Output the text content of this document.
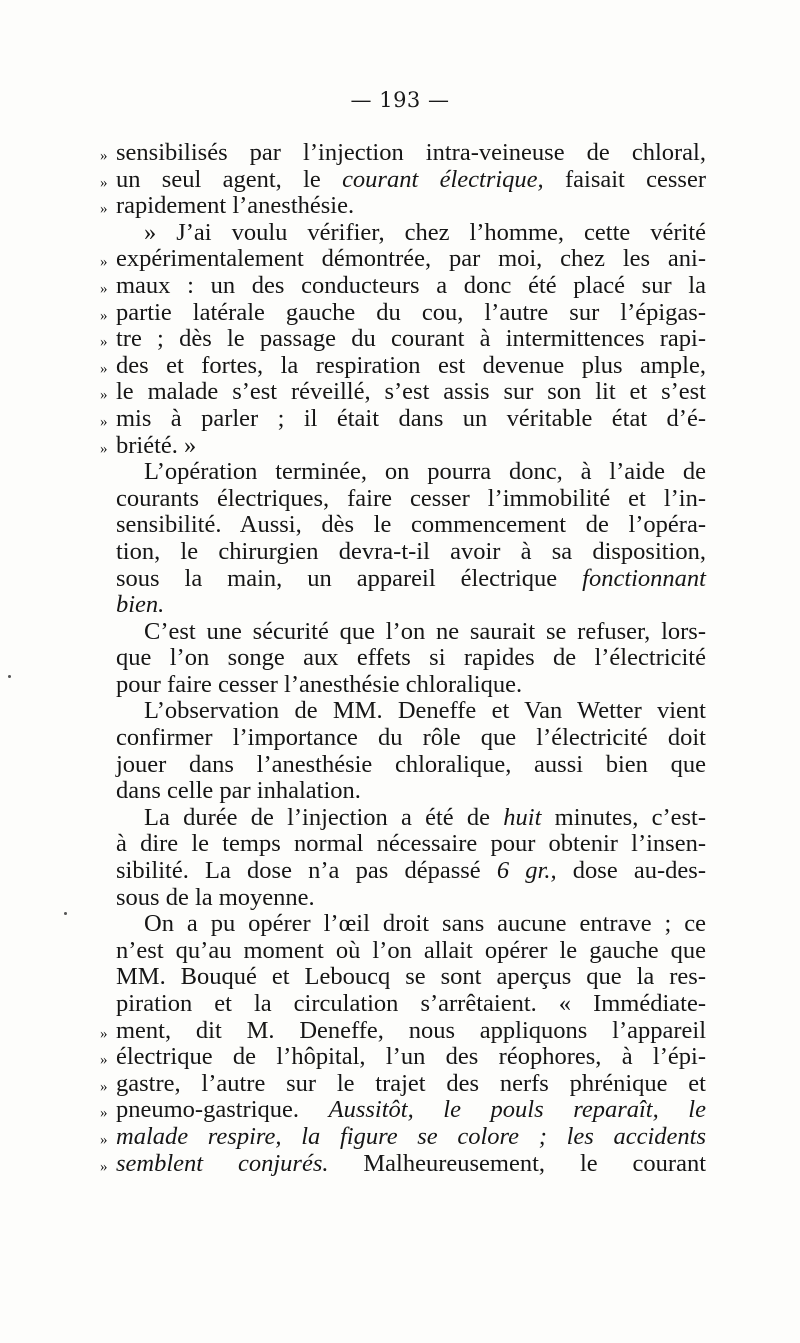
— 193 —
» sensibilisés par l’injection intra-veineuse de chloral,
» un seul agent, le courant électrique, faisait cesser
» rapidement l’anesthésie.
» J’ai voulu vérifier, chez l’homme, cette vérité
» expérimentalement démontrée, par moi, chez les ani-
» maux : un des conducteurs a donc été placé sur la
» partie latérale gauche du cou, l’autre sur l’épigas-
» tre ; dès le passage du courant à intermittences rapi-
» des et fortes, la respiration est devenue plus ample,
» le malade s’est réveillé, s’est assis sur son lit et s’est
» mis à parler ; il était dans un véritable état d’é-
» briété. »
L’opération terminée, on pourra donc, à l’aide de
courants électriques, faire cesser l’immobilité et l’in-
sensibilité. Aussi, dès le commencement de l’opéra-
tion, le chirurgien devra-t-il avoir à sa disposition,
sous la main, un appareil électrique fonctionnant
bien.
C’est une sécurité que l’on ne saurait se refuser, lors-
que l’on songe aux effets si rapides de l’électricité
pour faire cesser l’anesthésie chloralique.
L’observation de MM. Deneffe et Van Wetter vient
confirmer l’importance du rôle que l’électricité doit
jouer dans l’anesthésie chloralique, aussi bien que
dans celle par inhalation.
La durée de l’injection a été de huit minutes, c’est-
à dire le temps normal nécessaire pour obtenir l’insen-
sibilité. La dose n’a pas dépassé 6 gr., dose au-des-
sous de la moyenne.
On a pu opérer l’œil droit sans aucune entrave ; ce
n’est qu’au moment où l’on allait opérer le gauche que
MM. Bouqué et Leboucq se sont aperçus que la res-
piration et la circulation s’arrêtaient. « Immédiate-
» ment, dit M. Deneffe, nous appliquons l’appareil
» électrique de l’hôpital, l’un des réophores, à l’épi-
» gastre, l’autre sur le trajet des nerfs phrénique et
» pneumo-gastrique. Aussitôt, le pouls reparaît, le
» malade respire, la figure se colore ; les accidents
» semblent conjurés. Malheureusement, le courant
